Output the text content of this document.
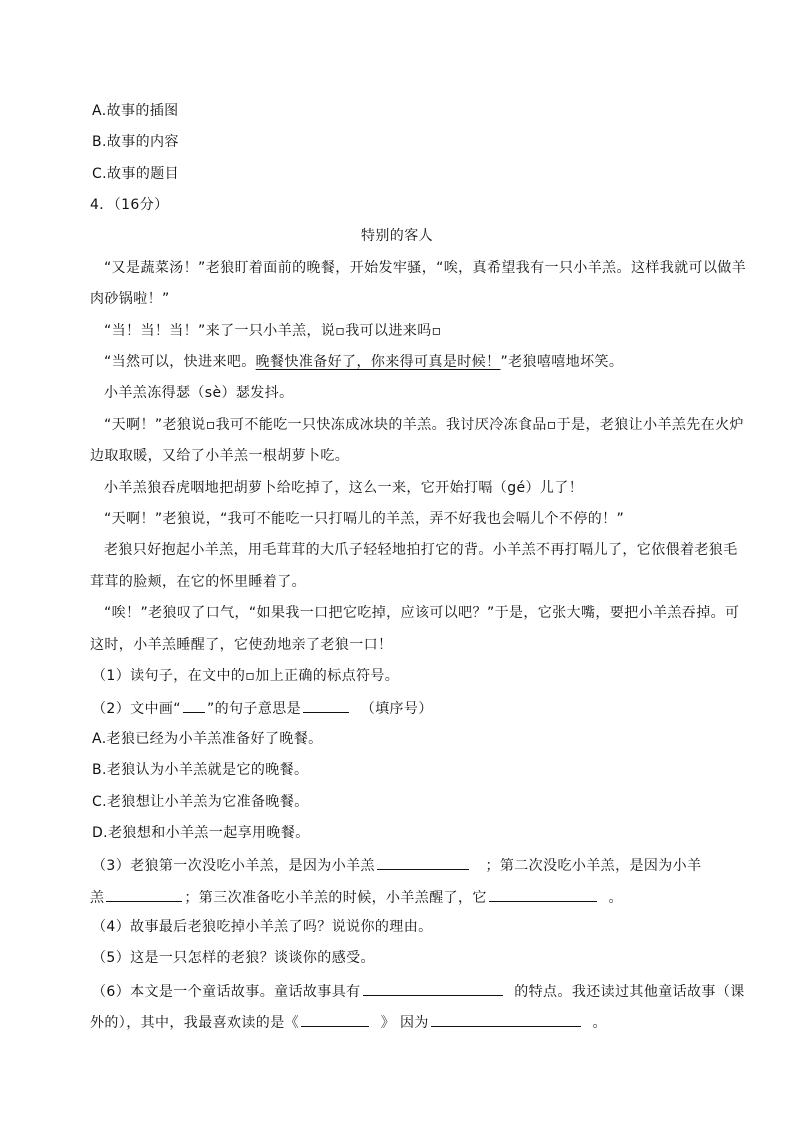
A.故事的插图
B.故事的内容
C.故事的题目
4．（16分）
特别的客人
“又是蔬菜汤！”老狼盯着面前的晚餐，开始发牢骚，“唉，真希望我有一只小羊羔。这样我就可以做羊
肉砂锅啦！”
“当！当！当！”来了一只小羊羔，说▫我可以进来吗▫
“当然可以，快进来吧。晚餐快准备好了，你来得可真是时候！”老狼嘻嘻地坏笑。
小羊羔冻得瑟（sè）瑟发抖。
“天啊！”老狼说▫我可不能吃一只快冻成冰块的羊羔。我讨厌冷冻食品▫于是，老狼让小羊羔先在火炉
边取取暖，又给了小羊羔一根胡萝卜吃。
小羊羔狼吞虎咽地把胡萝卜给吃掉了，这么一来，它开始打嗝（gé）儿了！
“天啊！”老狼说，“我可不能吃一只打嗝儿的羊羔，弄不好我也会嗝儿个不停的！”
老狼只好抱起小羊羔，用毛茸茸的大爪子轻轻地拍打它的背。小羊羔不再打嗝儿了，它依偎着老狼毛
茸茸的脸颊，在它的怀里睡着了。
“唉！”老狼叹了口气，“如果我一口把它吃掉，应该可以吧？”于是，它张大嘴，要把小羊羔吞掉。可
这时，小羊羔睡醒了，它使劲地亲了老狼一口！
（1）读句子，在文中的▫加上正确的标点符号。
（2）文中画“ ”的句子意思是	（填序号）
A.老狼已经为小羊羔准备好了晚餐。
B.老狼认为小羊羔就是它的晚餐。
C.老狼想让小羊羔为它准备晚餐。
D.老狼想和小羊羔一起享用晚餐。
（3）老狼第一次没吃小羊羔，是因为小羊羔	；第二次没吃小羊羔，是因为小羊
羔	；第三次准备吃小羊羔的时候，小羊羔醒了，它	。
（4）故事最后老狼吃掉小羊羔了吗？说说你的理由。
（5）这是一只怎样的老狼？谈谈你的感受。
（6）本文是一个童话故事。童话故事具有	的特点。我还读过其他童话故事（课
外的），其中，我最喜欢读的是《	》 因为	。
